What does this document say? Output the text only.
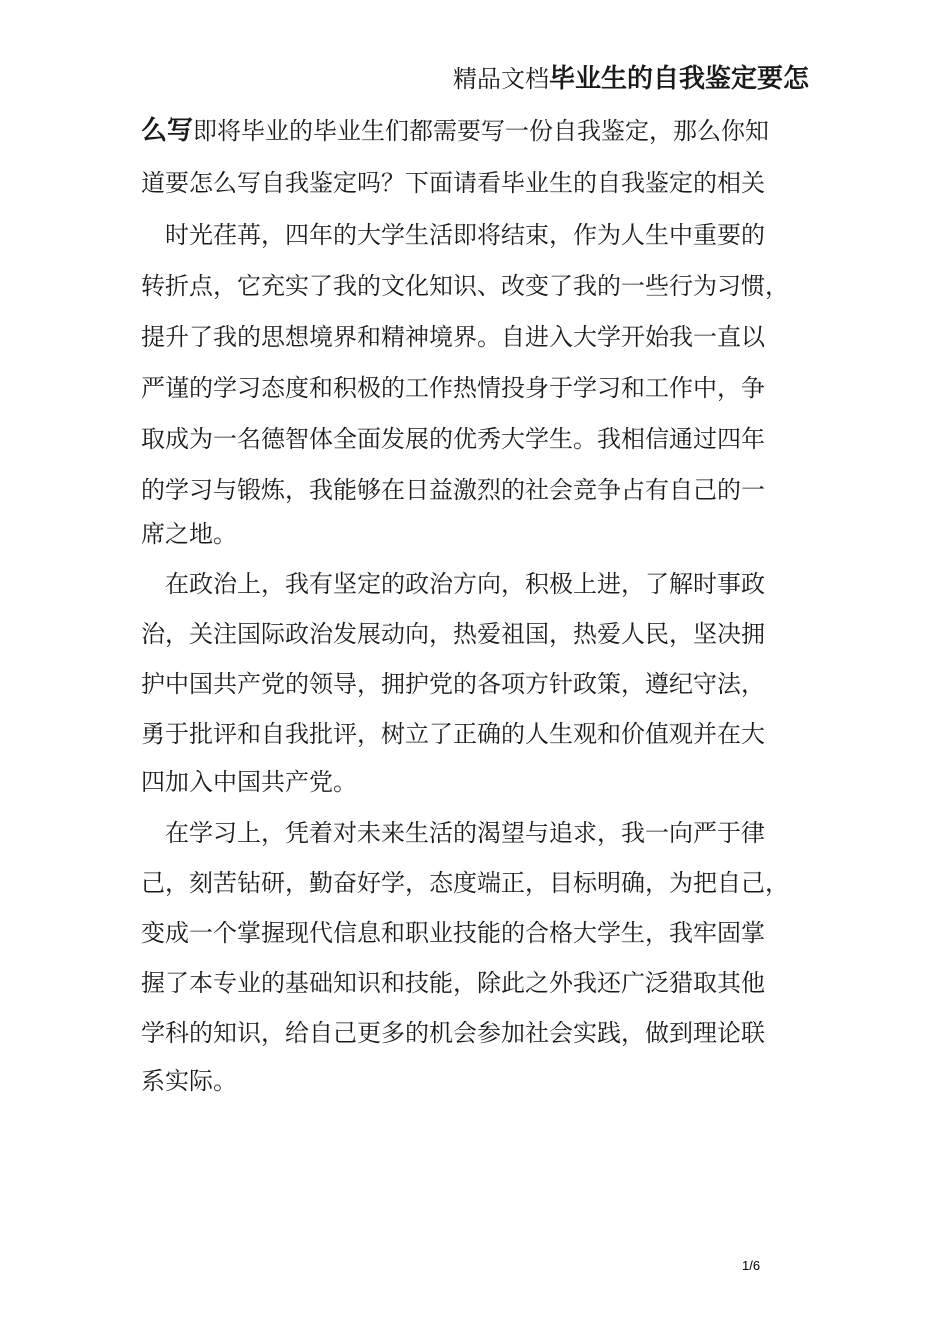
精品文档毕业生的自我鉴定要怎
么写即将毕业的毕业生们都需要写一份自我鉴定，那么你知
道要怎么写自我鉴定吗？下面请看毕业生的自我鉴定的相关
　时光荏苒，四年的大学生活即将结束，作为人生中重要的
转折点，它充实了我的文化知识、改变了我的一些行为习惯，
提升了我的思想境界和精神境界。自进入大学开始我一直以
严谨的学习态度和积极的工作热情投身于学习和工作中，争
取成为一名德智体全面发展的优秀大学生。我相信通过四年
的学习与锻炼，我能够在日益激烈的社会竞争占有自己的一
席之地。
　在政治上，我有坚定的政治方向，积极上进，了解时事政
治，关注国际政治发展动向，热爱祖国，热爱人民，坚决拥
护中国共产党的领导，拥护党的各项方针政策，遵纪守法，
勇于批评和自我批评，树立了正确的人生观和价值观并在大
四加入中国共产党。
　在学习上，凭着对未来生活的渴望与追求，我一向严于律
己，刻苦钻研，勤奋好学，态度端正，目标明确，为把自己，
变成一个掌握现代信息和职业技能的合格大学生，我牢固掌
握了本专业的基础知识和技能，除此之外我还广泛猎取其他
学科的知识，给自己更多的机会参加社会实践，做到理论联
系实际。
1/6
